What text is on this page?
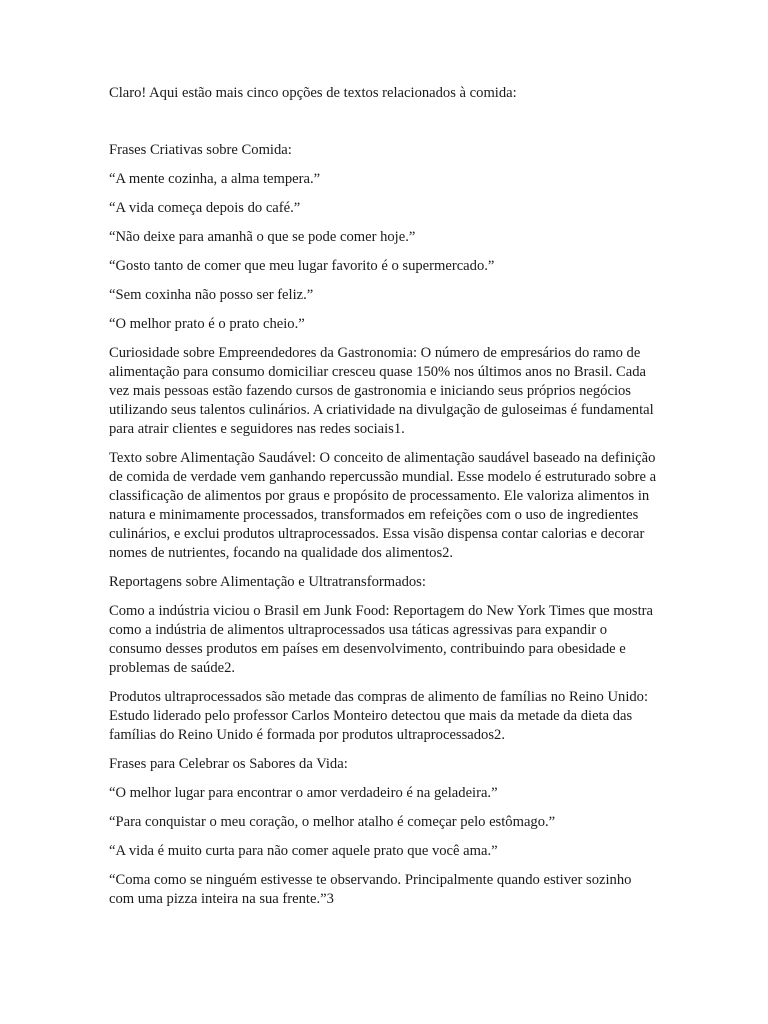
Claro! Aqui estão mais cinco opções de textos relacionados à comida:

Frases Criativas sobre Comida:

“A mente cozinha, a alma tempera.”

“A vida começa depois do café.”

“Não deixe para amanhã o que se pode comer hoje.”

“Gosto tanto de comer que meu lugar favorito é o supermercado.”

“Sem coxinha não posso ser feliz.”

“O melhor prato é o prato cheio.”

Curiosidade sobre Empreendedores da Gastronomia: O número de empresários do ramo de alimentação para consumo domiciliar cresceu quase 150% nos últimos anos no Brasil. Cada vez mais pessoas estão fazendo cursos de gastronomia e iniciando seus próprios negócios utilizando seus talentos culinários. A criatividade na divulgação de guloseimas é fundamental para atrair clientes e seguidores nas redes sociais1.

Texto sobre Alimentação Saudável: O conceito de alimentação saudável baseado na definição de comida de verdade vem ganhando repercussão mundial. Esse modelo é estruturado sobre a classificação de alimentos por graus e propósito de processamento. Ele valoriza alimentos in natura e minimamente processados, transformados em refeições com o uso de ingredientes culinários, e exclui produtos ultraprocessados. Essa visão dispensa contar calorias e decorar nomes de nutrientes, focando na qualidade dos alimentos2.

Reportagens sobre Alimentação e Ultratransformados:

Como a indústria viciou o Brasil em Junk Food: Reportagem do New York Times que mostra como a indústria de alimentos ultraprocessados usa táticas agressivas para expandir o consumo desses produtos em países em desenvolvimento, contribuindo para obesidade e problemas de saúde2.

Produtos ultraprocessados são metade das compras de alimento de famílias no Reino Unido: Estudo liderado pelo professor Carlos Monteiro detectou que mais da metade da dieta das famílias do Reino Unido é formada por produtos ultraprocessados2.

Frases para Celebrar os Sabores da Vida:

“O melhor lugar para encontrar o amor verdadeiro é na geladeira.”

“Para conquistar o meu coração, o melhor atalho é começar pelo estômago.”

“A vida é muito curta para não comer aquele prato que você ama.”

“Coma como se ninguém estivesse te observando. Principalmente quando estiver sozinho com uma pizza inteira na sua frente.”3
